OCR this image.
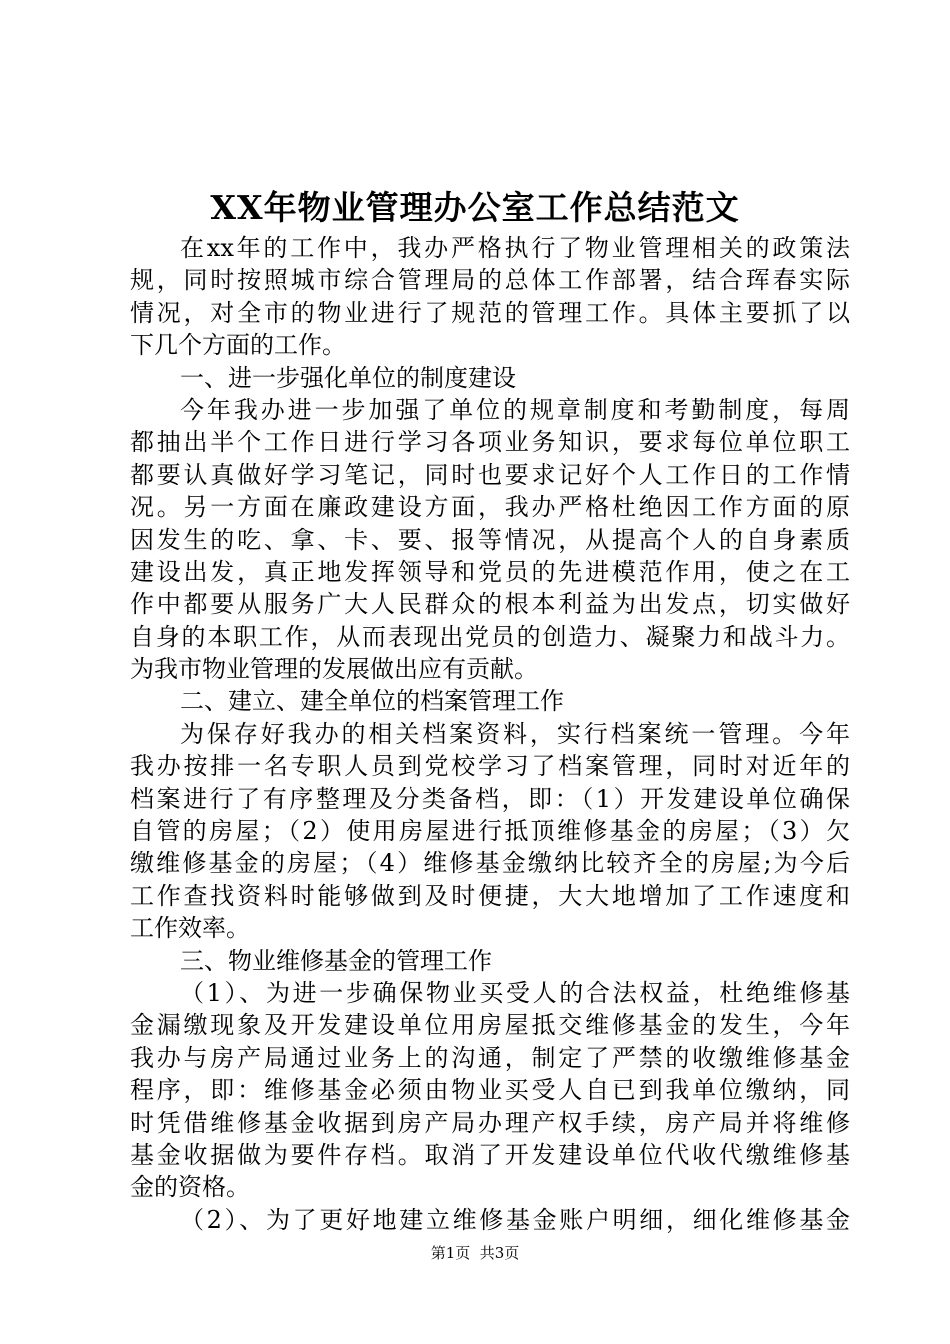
XX年物业管理办公室工作总结范文
在xx年的工作中，我办严格执行了物业管理相关的政策法
规，同时按照城市综合管理局的总体工作部署，结合珲春实际
情况，对全市的物业进行了规范的管理工作。具体主要抓了以
下几个方面的工作。
一、进一步强化单位的制度建设
今年我办进一步加强了单位的规章制度和考勤制度，每周
都抽出半个工作日进行学习各项业务知识，要求每位单位职工
都要认真做好学习笔记，同时也要求记好个人工作日的工作情
况。另一方面在廉政建设方面，我办严格杜绝因工作方面的原
因发生的吃、拿、卡、要、报等情况，从提高个人的自身素质
建设出发，真正地发挥领导和党员的先进模范作用，使之在工
作中都要从服务广大人民群众的根本利益为出发点，切实做好
自身的本职工作，从而表现出党员的创造力、凝聚力和战斗力。
为我市物业管理的发展做出应有贡献。
二、建立、建全单位的档案管理工作
为保存好我办的相关档案资料，实行档案统一管理。今年
我办按排一名专职人员到党校学习了档案管理，同时对近年的
档案进行了有序整理及分类备档，即：（1）开发建设单位确保
自管的房屋；（2）使用房屋进行抵顶维修基金的房屋；（3）欠
缴维修基金的房屋；（4）维修基金缴纳比较齐全的房屋;为今后
工作查找资料时能够做到及时便捷，大大地增加了工作速度和
工作效率。
三、物业维修基金的管理工作
（1）、为进一步确保物业买受人的合法权益，杜绝维修基
金漏缴现象及开发建设单位用房屋抵交维修基金的发生，今年
我办与房产局通过业务上的沟通，制定了严禁的收缴维修基金
程序，即：维修基金必须由物业买受人自已到我单位缴纳，同
时凭借维修基金收据到房产局办理产权手续，房产局并将维修
基金收据做为要件存档。取消了开发建设单位代收代缴维修基
金的资格。
（2）、为了更好地建立维修基金账户明细，细化维修基金
第1页  共3页
